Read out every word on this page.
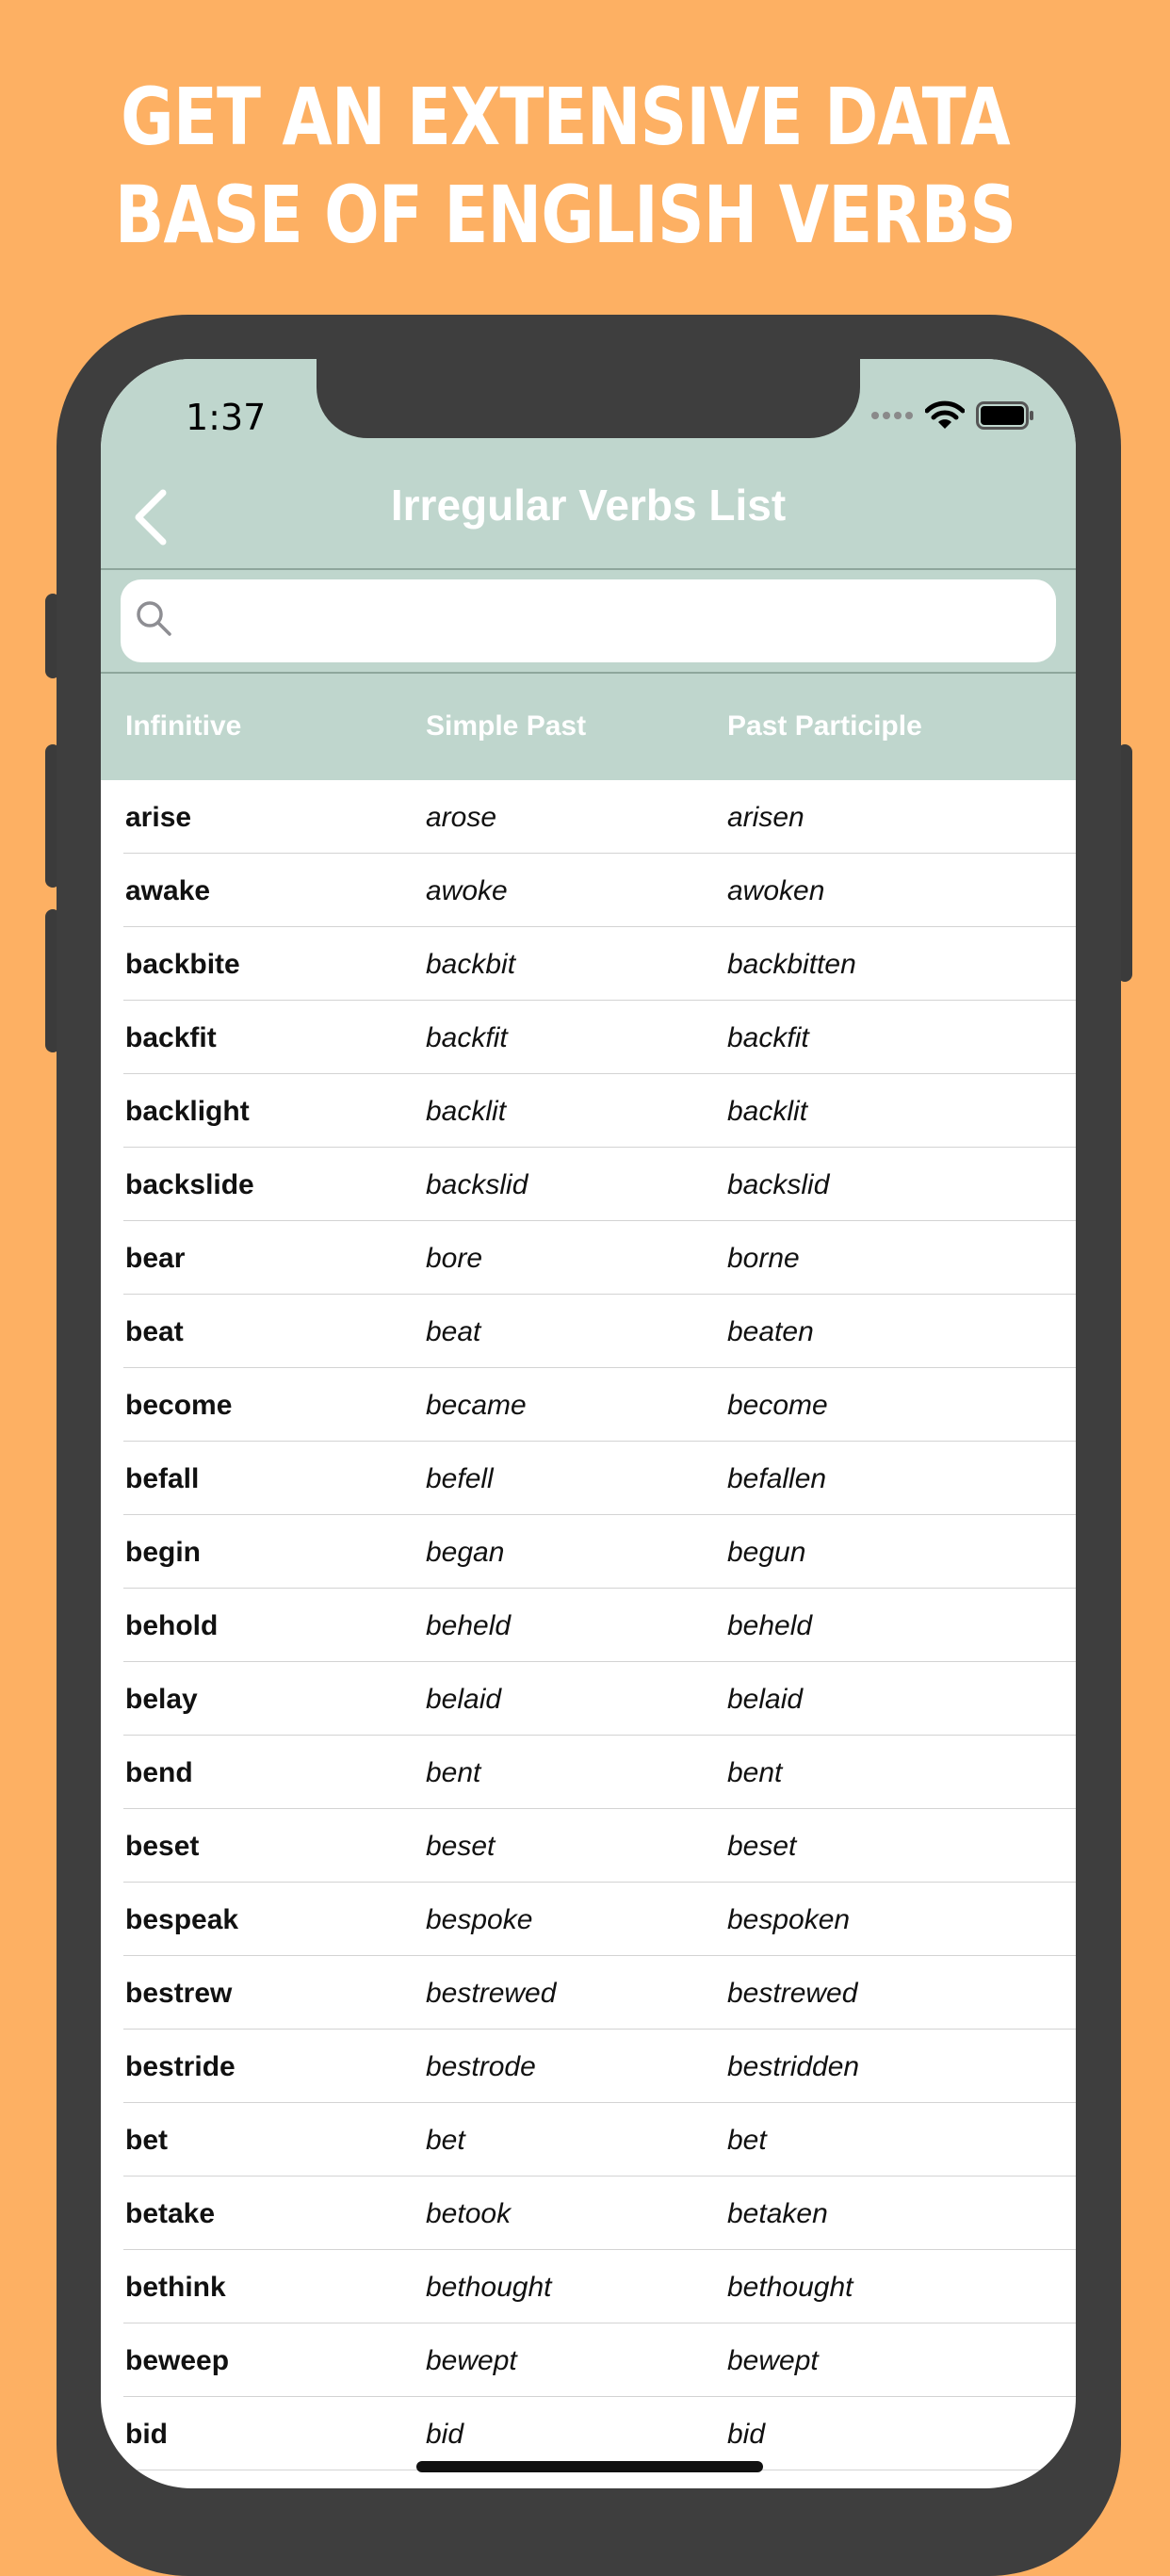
GET AN EXTENSIVE DATA
BASE OF ENGLISH VERBS
1:37
Irregular Verbs List
Infinitive	Simple Past	Past Participle
arise	arose	arisen
awake	awoke	awoken
backbite	backbit	backbitten
backfit	backfit	backfit
backlight	backlit	backlit
backslide	backslid	backslid
bear	bore	borne
beat	beat	beaten
become	became	become
befall	befell	befallen
begin	began	begun
behold	beheld	beheld
belay	belaid	belaid
bend	bent	bent
beset	beset	beset
bespeak	bespoke	bespoken
bestrew	bestrewed	bestrewed
bestride	bestrode	bestridden
bet	bet	bet
betake	betook	betaken
bethink	bethought	bethought
beweep	bewept	bewept
bid	bid	bid
